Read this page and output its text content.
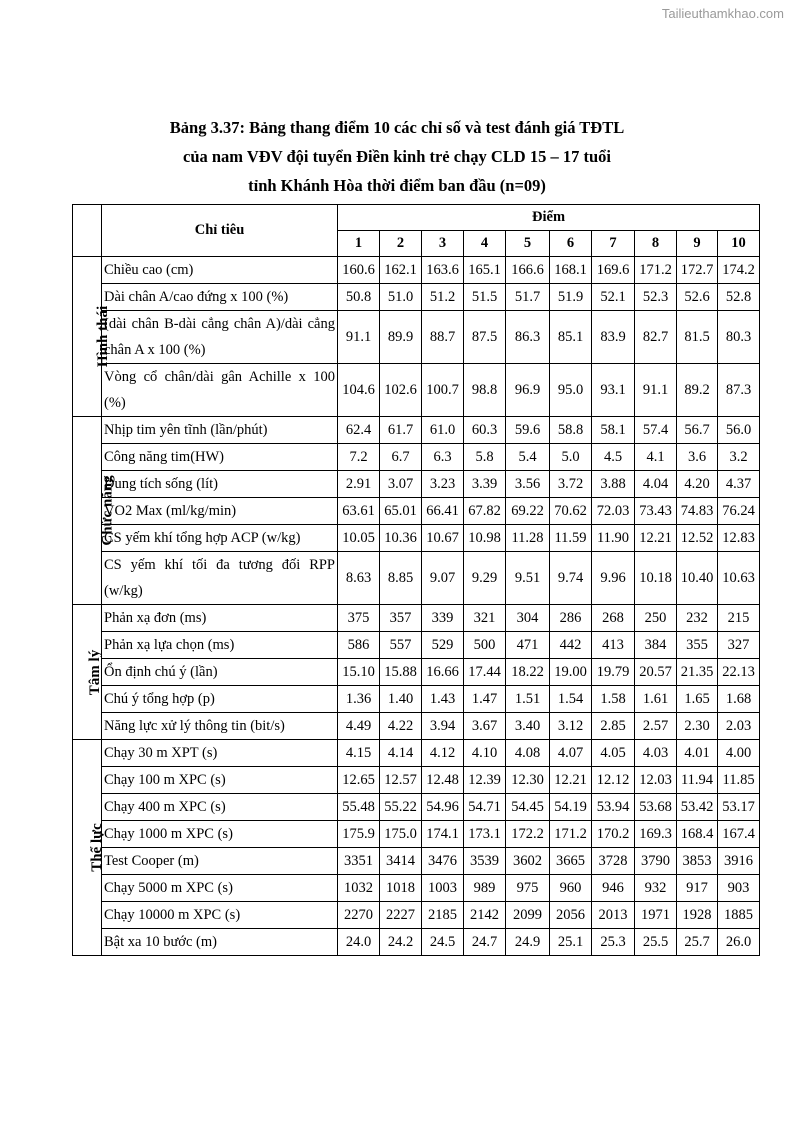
Tailieuthamkhao.com
Bảng 3.37: Bảng thang điểm 10 các chỉ số và test đánh giá TĐTL
của nam VĐV đội tuyển Điền kinh trẻ chạy CLD 15 – 17 tuổi
tỉnh Khánh Hòa thời điểm ban đầu (n=09)
	Chỉ tiêu	Điểm									
		1	2	3	4	5	6	7	8	9	10
Hình thái	Chiều cao (cm)	160.6	162.1	163.6	165.1	166.6	168.1	169.6	171.2	172.7	174.2
	Dài chân A/cao đứng x 100 (%)	50.8	51.0	51.2	51.5	51.7	51.9	52.1	52.3	52.6	52.8
	(dài chân B-dài cẳng chân A)/dài cẳng chân A x 100 (%)	91.1	89.9	88.7	87.5	86.3	85.1	83.9	82.7	81.5	80.3
	Vòng cổ chân/dài gân Achille x 100 (%)	104.6	102.6	100.7	98.8	96.9	95.0	93.1	91.1	89.2	87.3
Chức năng	Nhịp tim yên tĩnh (lần/phút)	62.4	61.7	61.0	60.3	59.6	58.8	58.1	57.4	56.7	56.0
	Công năng tim(HW)	7.2	6.7	6.3	5.8	5.4	5.0	4.5	4.1	3.6	3.2
	Dung tích sống (lít)	2.91	3.07	3.23	3.39	3.56	3.72	3.88	4.04	4.20	4.37
	VO2 Max (ml/kg/min)	63.61	65.01	66.41	67.82	69.22	70.62	72.03	73.43	74.83	76.24
	CS yếm khí tổng hợp ACP (w/kg)	10.05	10.36	10.67	10.98	11.28	11.59	11.90	12.21	12.52	12.83
	CS yếm khí tối đa tương đối RPP (w/kg)	8.63	8.85	9.07	9.29	9.51	9.74	9.96	10.18	10.40	10.63
Tâm lý	Phản xạ đơn (ms)	375	357	339	321	304	286	268	250	232	215
	Phản xạ lựa chọn (ms)	586	557	529	500	471	442	413	384	355	327
	Ổn định chú ý (lần)	15.10	15.88	16.66	17.44	18.22	19.00	19.79	20.57	21.35	22.13
	Chú ý tổng hợp (p)	1.36	1.40	1.43	1.47	1.51	1.54	1.58	1.61	1.65	1.68
	Năng lực xử lý thông tin (bit/s)	4.49	4.22	3.94	3.67	3.40	3.12	2.85	2.57	2.30	2.03
Thể lực	Chạy 30 m XPT (s)	4.15	4.14	4.12	4.10	4.08	4.07	4.05	4.03	4.01	4.00
	Chạy 100 m XPC (s)	12.65	12.57	12.48	12.39	12.30	12.21	12.12	12.03	11.94	11.85
	Chạy 400 m XPC (s)	55.48	55.22	54.96	54.71	54.45	54.19	53.94	53.68	53.42	53.17
	Chạy 1000 m XPC (s)	175.9	175.0	174.1	173.1	172.2	171.2	170.2	169.3	168.4	167.4
	Test Cooper (m)	3351	3414	3476	3539	3602	3665	3728	3790	3853	3916
	Chạy 5000 m XPC (s)	1032	1018	1003	989	975	960	946	932	917	903
	Chạy 10000 m XPC (s)	2270	2227	2185	2142	2099	2056	2013	1971	1928	1885
	Bật xa 10 bước (m)	24.0	24.2	24.5	24.7	24.9	25.1	25.3	25.5	25.7	26.0
